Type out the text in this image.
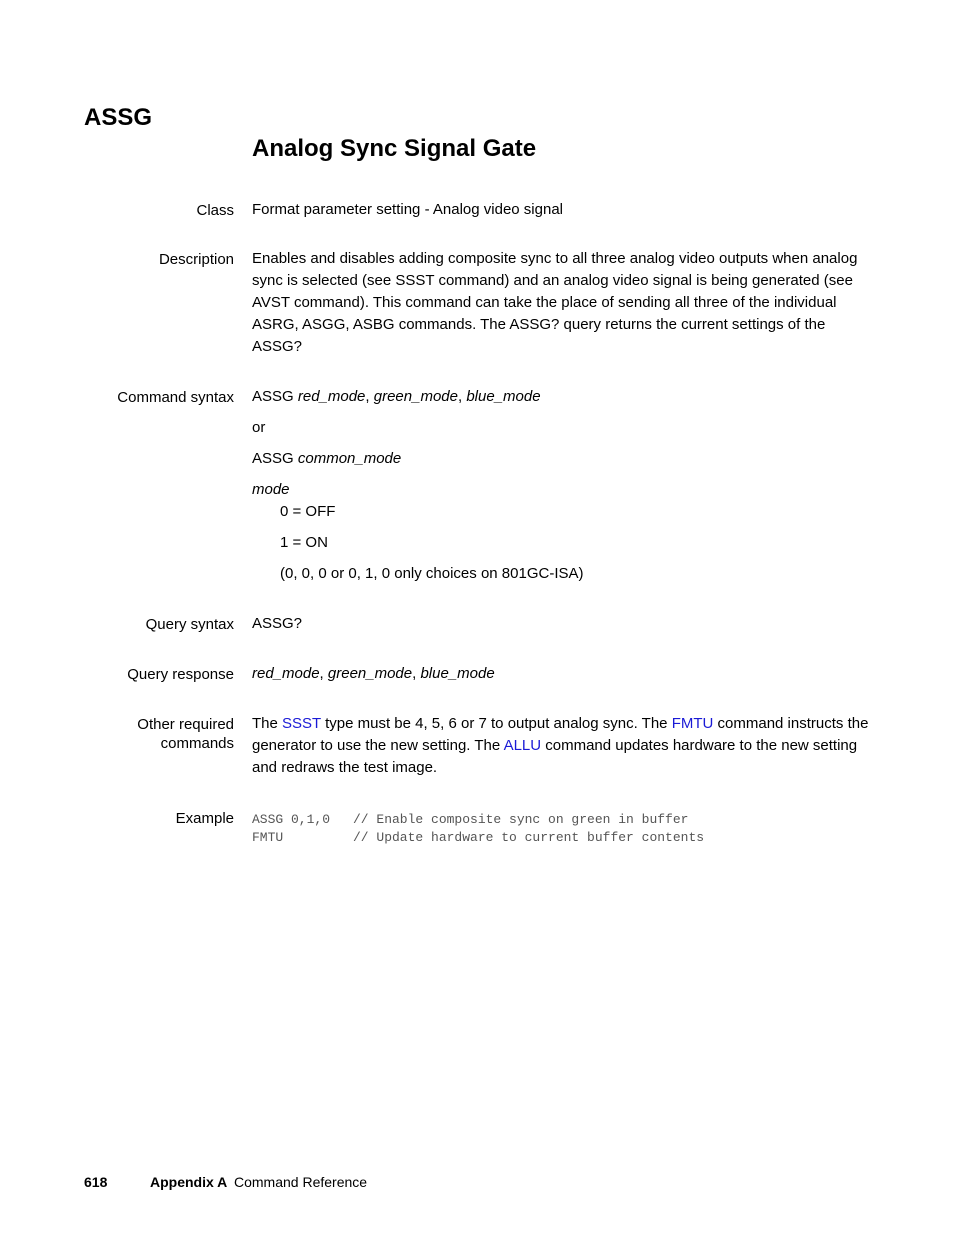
ASSG
Analog Sync Signal Gate
Class Format parameter setting - Analog video signal
Description Enables and disables adding composite sync to all three analog video outputs when analog sync is selected (see SSST command) and an analog video signal is being generated (see AVST command). This command can take the place of sending all three of the individual ASRG, ASGG, ASBG commands. The ASSG? query returns the current settings of the ASSG?
Command syntax ASSG red_mode, green_mode, blue_mode
or
ASSG common_mode
mode
0 = OFF
1 = ON
(0, 0, 0 or 0, 1, 0 only choices on 801GC-ISA)
Query syntax ASSG?
Query response red_mode, green_mode, blue_mode
Other required
commands
The SSST type must be 4, 5, 6 or 7 to output analog sync. The FMTU command instructs the generator to use the new setting. The ALLU command updates hardware to the new setting and redraws the test image.
Example ASSG 0,1,0 // Enable composite sync on green in buffer
FMTU	// Update hardware to current buffer contents
618	Appendix A Command Reference
